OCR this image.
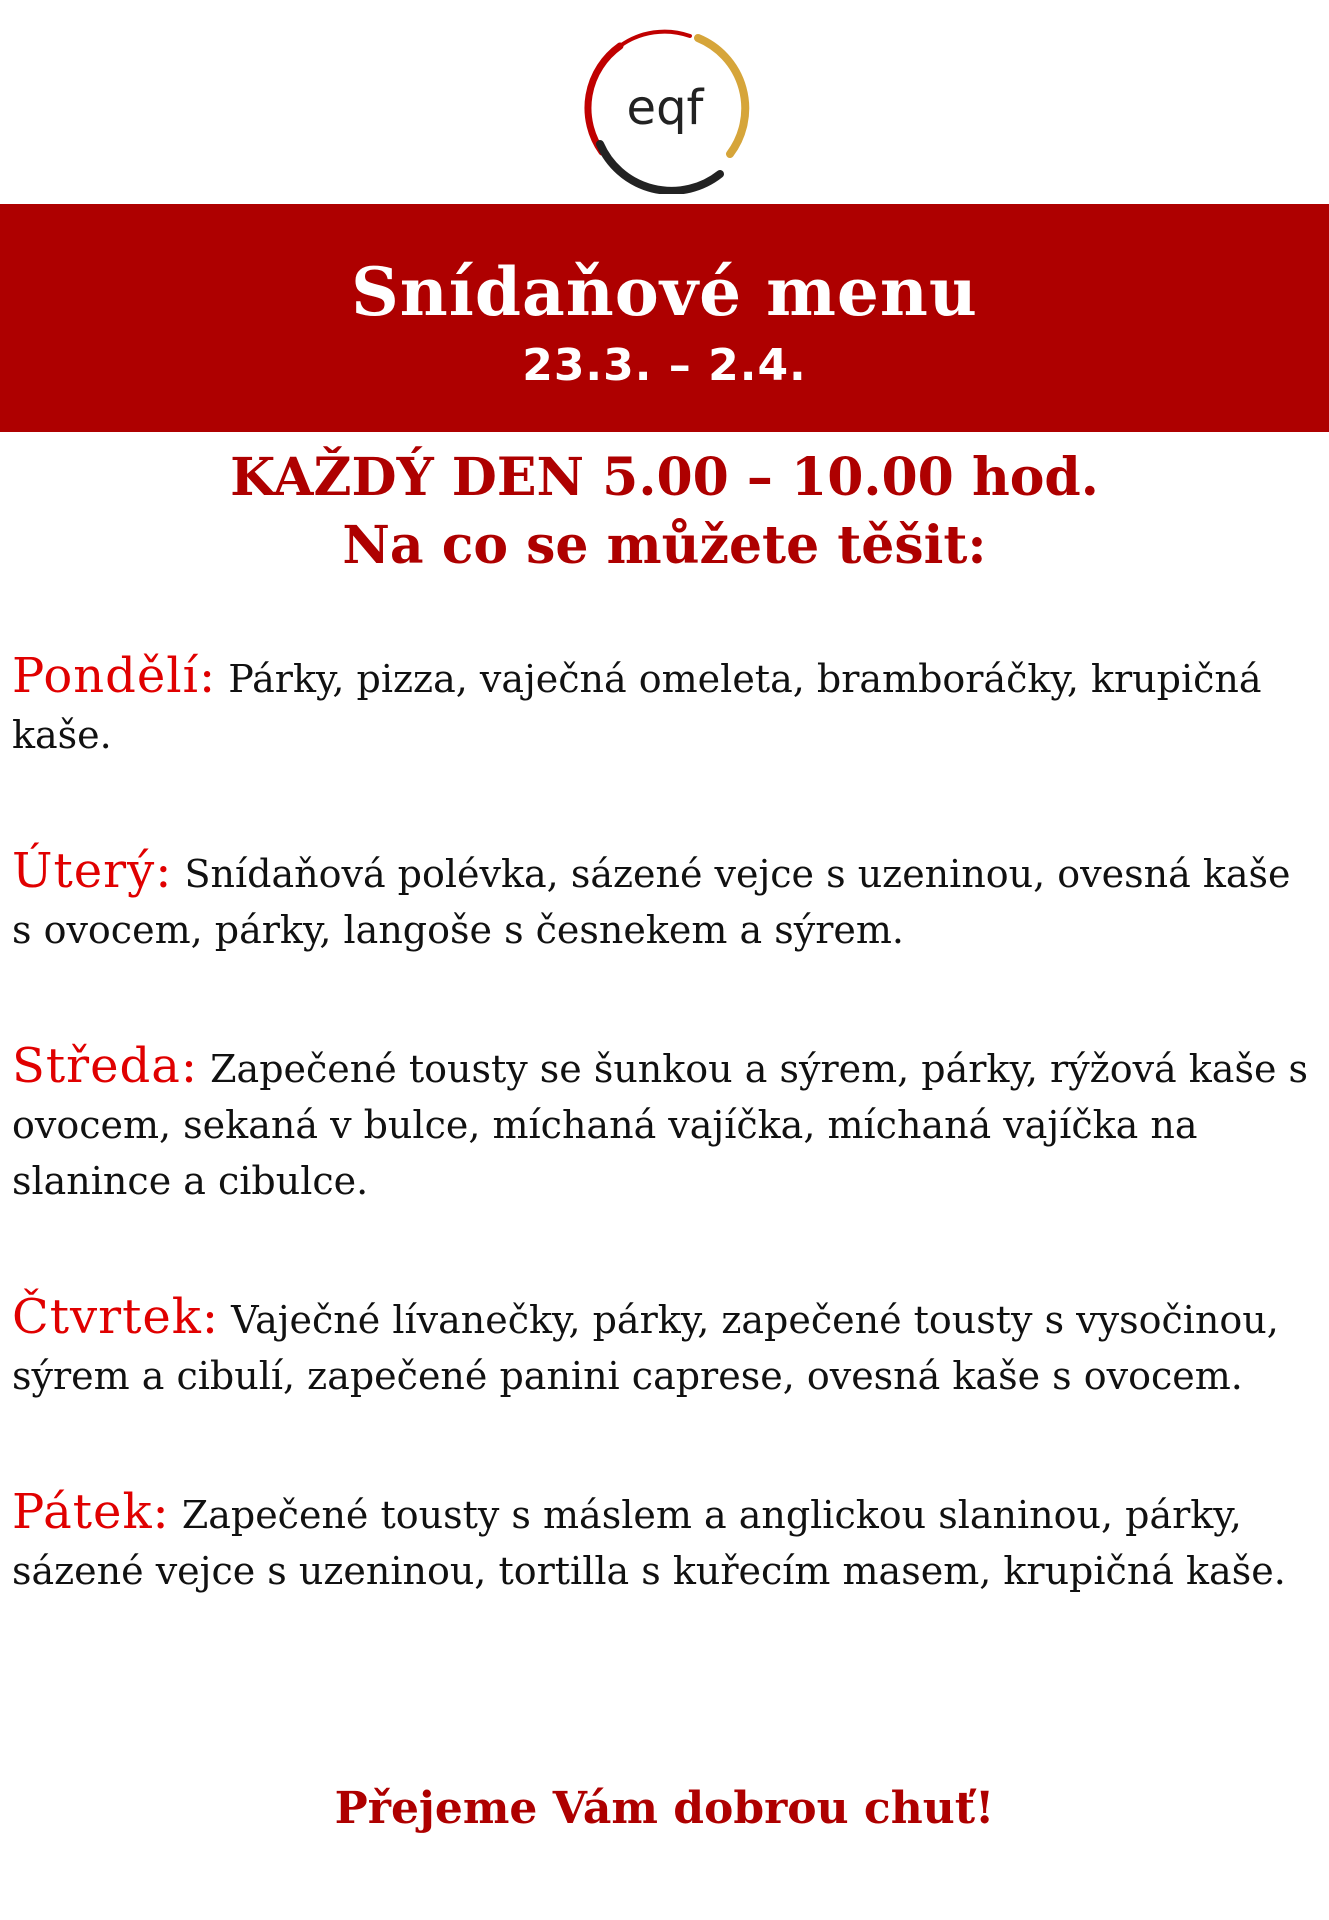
eqf
Snídaňové menu
23.3. – 2.4.
KAŽDÝ DEN 5.00 – 10.00 hod.
Na co se můžete těšit:

Pondělí: Párky, pizza, vaječná omeleta, bramboráčky, krupičná kaše.

Úterý: Snídaňová polévka, sázené vejce s uzeninou, ovesná kaše s ovocem, párky, langoše s česnekem a sýrem.

Středa: Zapečené tousty se šunkou a sýrem, párky, rýžová kaše s ovocem, sekaná v bulce, míchaná vajíčka, míchaná vajíčka na slanince a cibulce.

Čtvrtek: Vaječné lívanečky, párky, zapečené tousty s vysočinou, sýrem a cibulí, zapečené panini caprese, ovesná kaše s ovocem.

Pátek: Zapečené tousty s máslem a anglickou slaninou, párky, sázené vejce s uzeninou, tortilla s kuřecím masem, krupičná kaše.

Přejeme Vám dobrou chuť!
